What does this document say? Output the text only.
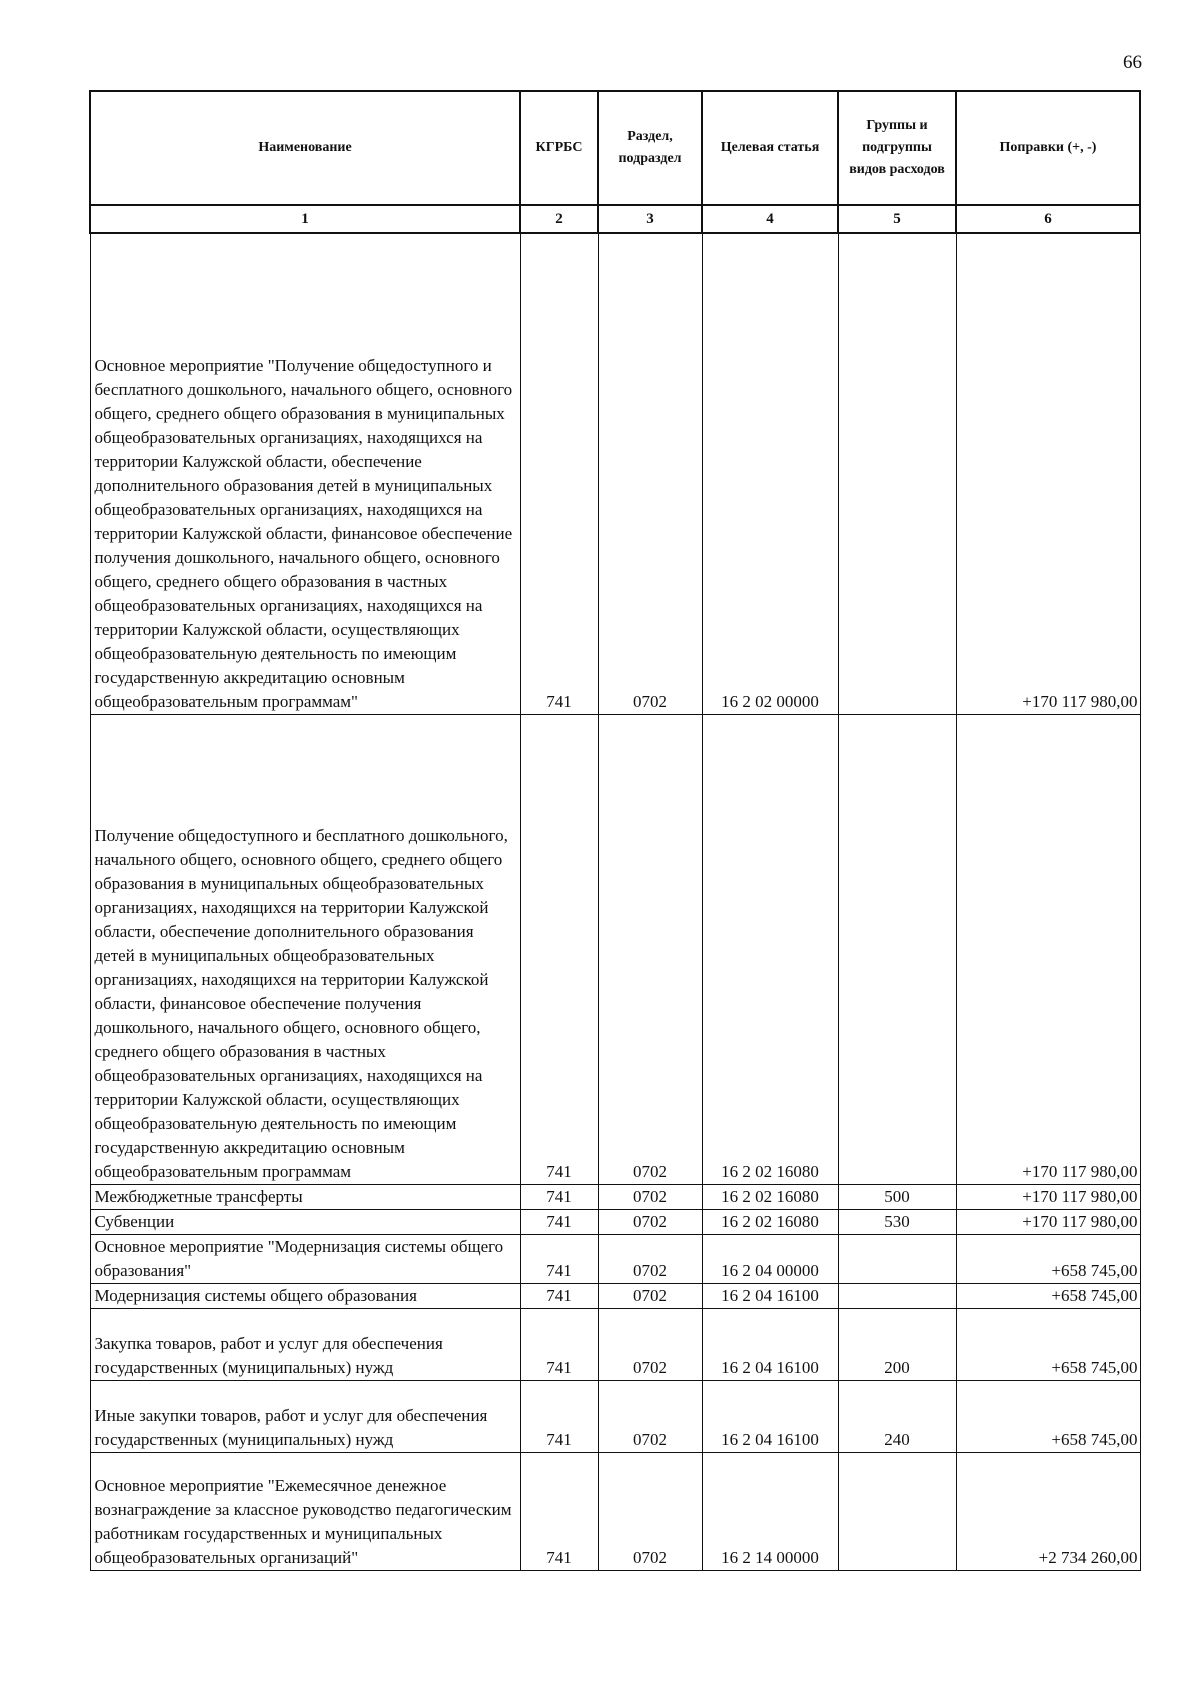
66
Наименование	КГРБС	Раздел, подраздел	Целевая статья	Группы и подгруппы видов расходов	Поправки (+, -)
1	2	3	4	5	6

Основное мероприятие "Получение общедоступного и бесплатного дошкольного, начального общего, основного общего, среднего общего образования в муниципальных общеобразовательных организациях, находящихся на территории Калужской области, обеспечение дополнительного образования детей в муниципальных общеобразовательных организациях, находящихся на территории Калужской области, финансовое обеспечение получения дошкольного, начального общего, основного общего, среднего общего образования в частных общеобразовательных организациях, находящихся на территории Калужской области, осуществляющих общеобразовательную деятельность по имеющим государственную аккредитацию основным общеобразовательным программам"	741	0702	16 2 02 00000		+170 117 980,00
Получение общедоступного и бесплатного дошкольного, начального общего, основного общего, среднего общего образования в муниципальных общеобразовательных организациях, находящихся на территории Калужской области, обеспечение дополнительного образования детей в муниципальных общеобразовательных организациях, находящихся на территории Калужской области, финансовое обеспечение получения дошкольного, начального общего, основного общего, среднего общего образования в частных общеобразовательных организациях, находящихся на территории Калужской области, осуществляющих общеобразовательную деятельность по имеющим государственную аккредитацию основным общеобразовательным программам	741	0702	16 2 02 16080		+170 117 980,00
Межбюджетные трансферты	741	0702	16 2 02 16080	500	+170 117 980,00
Субвенции	741	0702	16 2 02 16080	530	+170 117 980,00
Основное мероприятие "Модернизация системы общего образования"	741	0702	16 2 04 00000		+658 745,00
Модернизация системы общего образования	741	0702	16 2 04 16100		+658 745,00
Закупка товаров, работ и услуг для обеспечения государственных (муниципальных) нужд	741	0702	16 2 04 16100	200	+658 745,00
Иные закупки товаров, работ и услуг для обеспечения государственных (муниципальных) нужд	741	0702	16 2 04 16100	240	+658 745,00
Основное мероприятие "Ежемесячное денежное вознаграждение за классное руководство педагогическим работникам государственных и муниципальных общеобразовательных организаций"	741	0702	16 2 14 00000		+2 734 260,00
